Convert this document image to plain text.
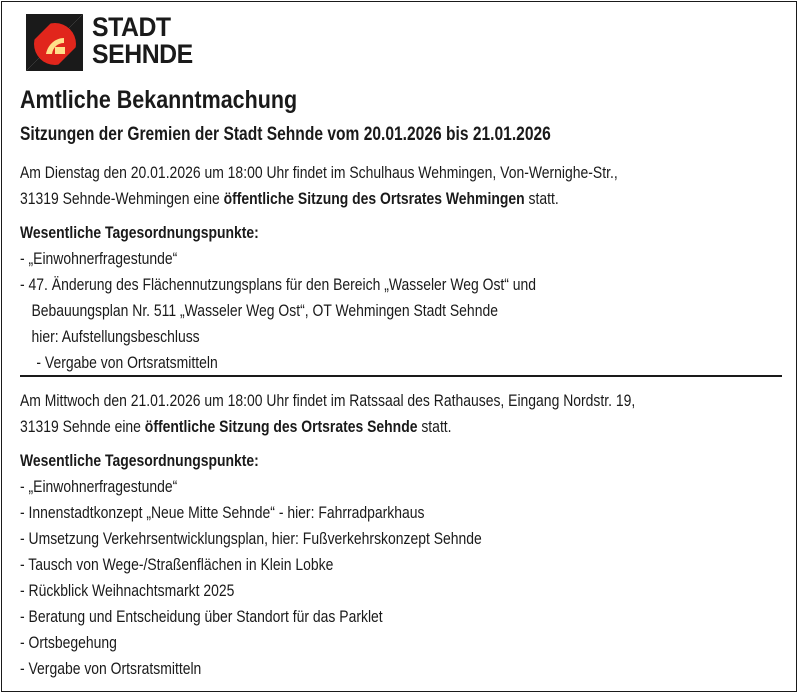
STADT
SEHNDE
Amtliche Bekanntmachung
Sitzungen der Gremien der Stadt Sehnde vom 20.01.2026 bis 21.01.2026
Am Dienstag den 20.01.2026 um 18:00 Uhr findet im Schulhaus Wehmingen, Von-Wernighe-Str.,
31319 Sehnde-Wehmingen eine öffentliche Sitzung des Ortsrates Wehmingen statt.
Wesentliche Tagesordnungspunkte:
- „Einwohnerfragestunde“
- 47. Änderung des Flächennutzungsplans für den Bereich „Wasseler Weg Ost“ und
Bebauungsplan Nr. 511 „Wasseler Weg Ost“, OT Wehmingen Stadt Sehnde
hier: Aufstellungsbeschluss
- Vergabe von Ortsratsmitteln
Am Mittwoch den 21.01.2026 um 18:00 Uhr findet im Ratssaal des Rathauses, Eingang Nordstr. 19,
31319 Sehnde eine öffentliche Sitzung des Ortsrates Sehnde statt.
Wesentliche Tagesordnungspunkte:
- „Einwohnerfragestunde“
- Innenstadtkonzept „Neue Mitte Sehnde“ - hier: Fahrradparkhaus
- Umsetzung Verkehrsentwicklungsplan, hier: Fußverkehrskonzept Sehnde
- Tausch von Wege-/Straßenflächen in Klein Lobke
- Rückblick Weihnachtsmarkt 2025
- Beratung und Entscheidung über Standort für das Parklet
- Ortsbegehung
- Vergabe von Ortsratsmitteln
